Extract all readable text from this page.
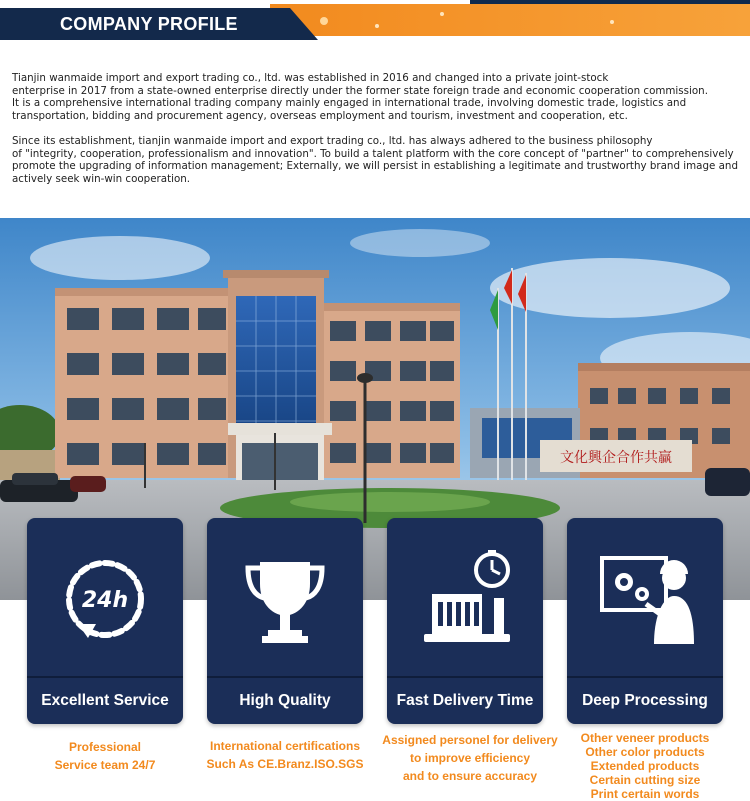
COMPANY PROFILE

Tianjin wanmaide import and export trading co., ltd. was established in 2016 and changed into a private joint-stock
enterprise in 2017 from a state-owned enterprise directly under the former state foreign trade and economic cooperation commission.
It is a comprehensive international trading company mainly engaged in international trade, involving domestic trade, logistics and
transportation, bidding and procurement agency, overseas employment and tourism, investment and cooperation, etc.

Since its establishment, tianjin wanmaide import and export trading co., ltd. has always adhered to the business philosophy
of "integrity, cooperation, professionalism and innovation". To build a talent platform with the core concept of "partner" to comprehensively
promote the upgrading of information management; Externally, we will persist in establishing a legitimate and trustworthy brand image and
actively seek win-win cooperation.

文化興企合作共贏
24h
Excellent Service	High Quality	Fast Delivery Time	Deep Processing
Professional
Service team 24/7
International certifications
Such As CE.Branz.ISO.SGS
Assigned personel for delivery
to improve efficiency
and to ensure accuracy
Other veneer products
Other color products
Extended products
Certain cutting size
Print certain words
